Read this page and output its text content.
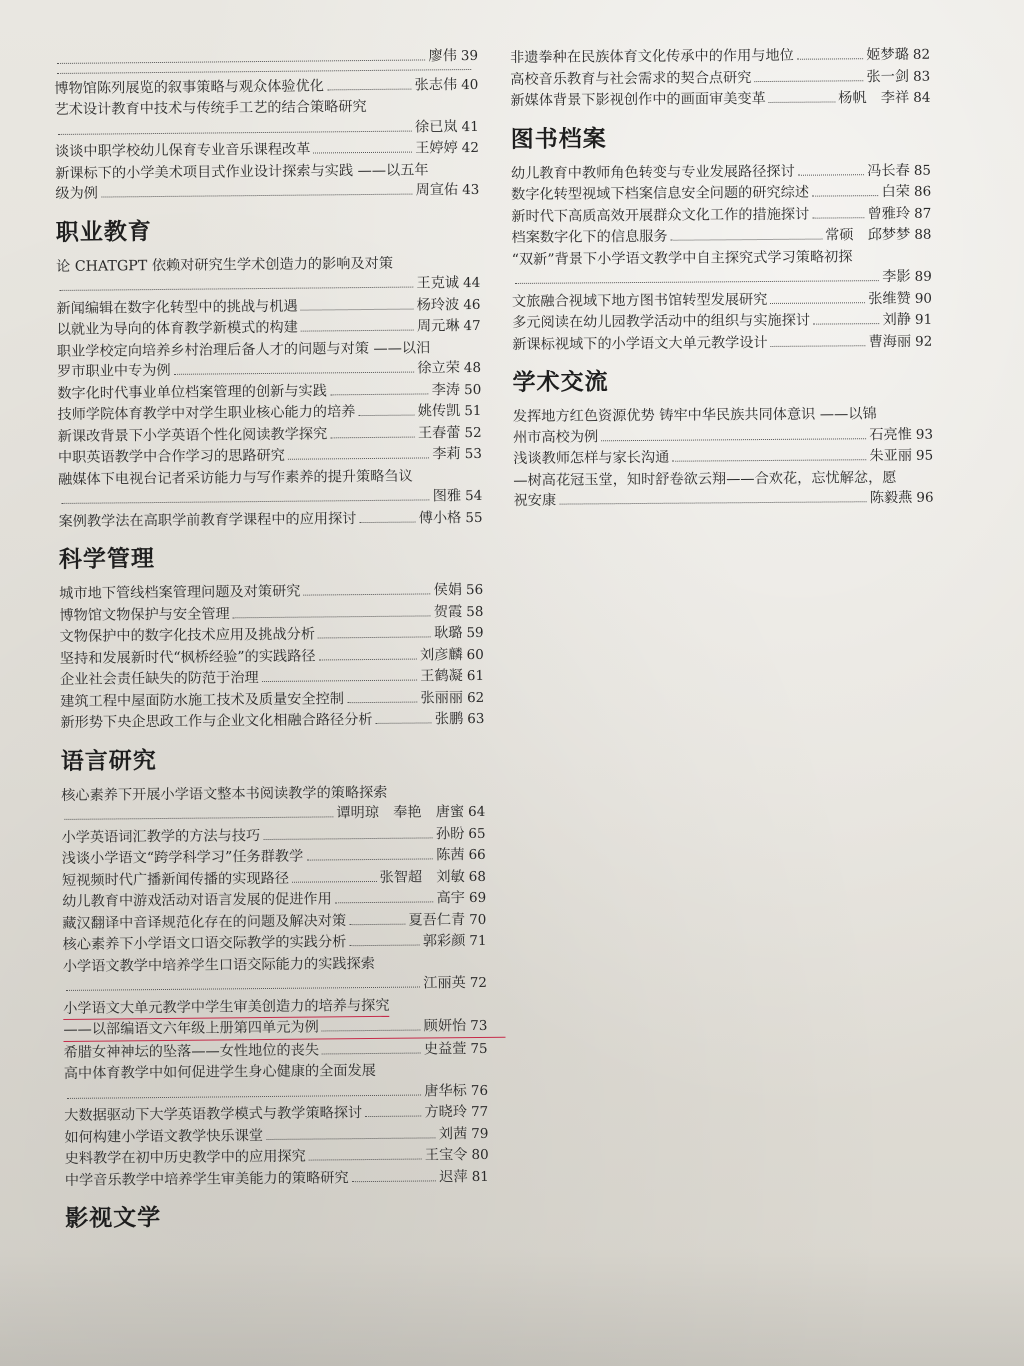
廖伟 39
博物馆陈列展览的叙事策略与观众体验优化	张志伟 40
艺术设计教育中技术与传统手工艺的结合策略研究
徐已岚 41
谈谈中职学校幼儿保育专业音乐课程改革	王婷婷 42
新课标下的小学美术项目式作业设计探索与实践 ——以五年
级为例	周宣佑 43
职业教育
论 CHATGPT 依赖对研究生学术创造力的影响及对策
王克诚 44
新闻编辑在数字化转型中的挑战与机遇	杨玲波 46
以就业为导向的体育教学新模式的构建	周元琳 47
职业学校定向培养乡村治理后备人才的问题与对策 ——以汨
罗市职业中专为例	徐立荣 48
数字化时代事业单位档案管理的创新与实践	李涛 50
技师学院体育教学中对学生职业核心能力的培养	姚传凯 51
新课改背景下小学英语个性化阅读教学探究	王春蕾 52
中职英语教学中合作学习的思路研究	李莉 53
融媒体下电视台记者采访能力与写作素养的提升策略刍议
图雅 54
案例教学法在高职学前教育学课程中的应用探讨	傅小格 55
科学管理
城市地下管线档案管理问题及对策研究	侯娟 56
博物馆文物保护与安全管理	贺霞 58
文物保护中的数字化技术应用及挑战分析	耿璐 59
坚持和发展新时代“枫桥经验”的实践路径	刘彦麟 60
企业社会责任缺失的防范于治理	王鹤凝 61
建筑工程中屋面防水施工技术及质量安全控制	张丽丽 62
新形势下央企思政工作与企业文化相融合路径分析	张鹏 63
语言研究
核心素养下开展小学语文整本书阅读教学的策略探索
谭明琼　奉艳　唐蜜 64
小学英语词汇教学的方法与技巧	孙盼 65
浅谈小学语文“跨学科学习”任务群教学	陈茜 66
短视频时代广播新闻传播的实现路径	张智超　刘敏 68
幼儿教育中游戏活动对语言发展的促进作用	高宇 69
藏汉翻译中音译规范化存在的问题及解决对策	夏吾仁青 70
核心素养下小学语文口语交际教学的实践分析	郭彩颜 71
小学语文教学中培养学生口语交际能力的实践探索
江丽英 72
小学语文大单元教学中学生审美创造力的培养与探究
——以部编语文六年级上册第四单元为例	顾妍怡 73
希腊女神神坛的坠落——女性地位的丧失	史益萱 75
高中体育教学中如何促进学生身心健康的全面发展
唐华标 76
大数据驱动下大学英语教学模式与教学策略探讨	方晓玲 77
如何构建小学语文教学快乐课堂	刘茜 79
史料教学在初中历史教学中的应用探究	王宝令 80
中学音乐教学中培养学生审美能力的策略研究	迟萍 81
影视文学
非遗拳种在民族体育文化传承中的作用与地位	姬梦璐 82
高校音乐教育与社会需求的契合点研究	张一剑 83
新媒体背景下影视创作中的画面审美变革	杨帆　李祥 84
图书档案
幼儿教育中教师角色转变与专业发展路径探讨	冯长春 85
数字化转型视域下档案信息安全问题的研究综述	白荣 86
新时代下高质高效开展群众文化工作的措施探讨	曾雅玲 87
档案数字化下的信息服务	常硕　邱梦梦 88
“双新”背景下小学语文教学中自主探究式学习策略初探
李影 89
文旅融合视域下地方图书馆转型发展研究	张维赞 90
多元阅读在幼儿园教学活动中的组织与实施探讨	刘静 91
新课标视域下的小学语文大单元教学设计	曹海丽 92
学术交流
发挥地方红色资源优势 铸牢中华民族共同体意识 ——以锦
州市高校为例	石亮惟 93
浅谈教师怎样与家长沟通	朱亚丽 95
—树高花冠玉堂，知时舒卷欲云翔——合欢花，忘忧解忿，愿
祝安康	陈毅燕 96
